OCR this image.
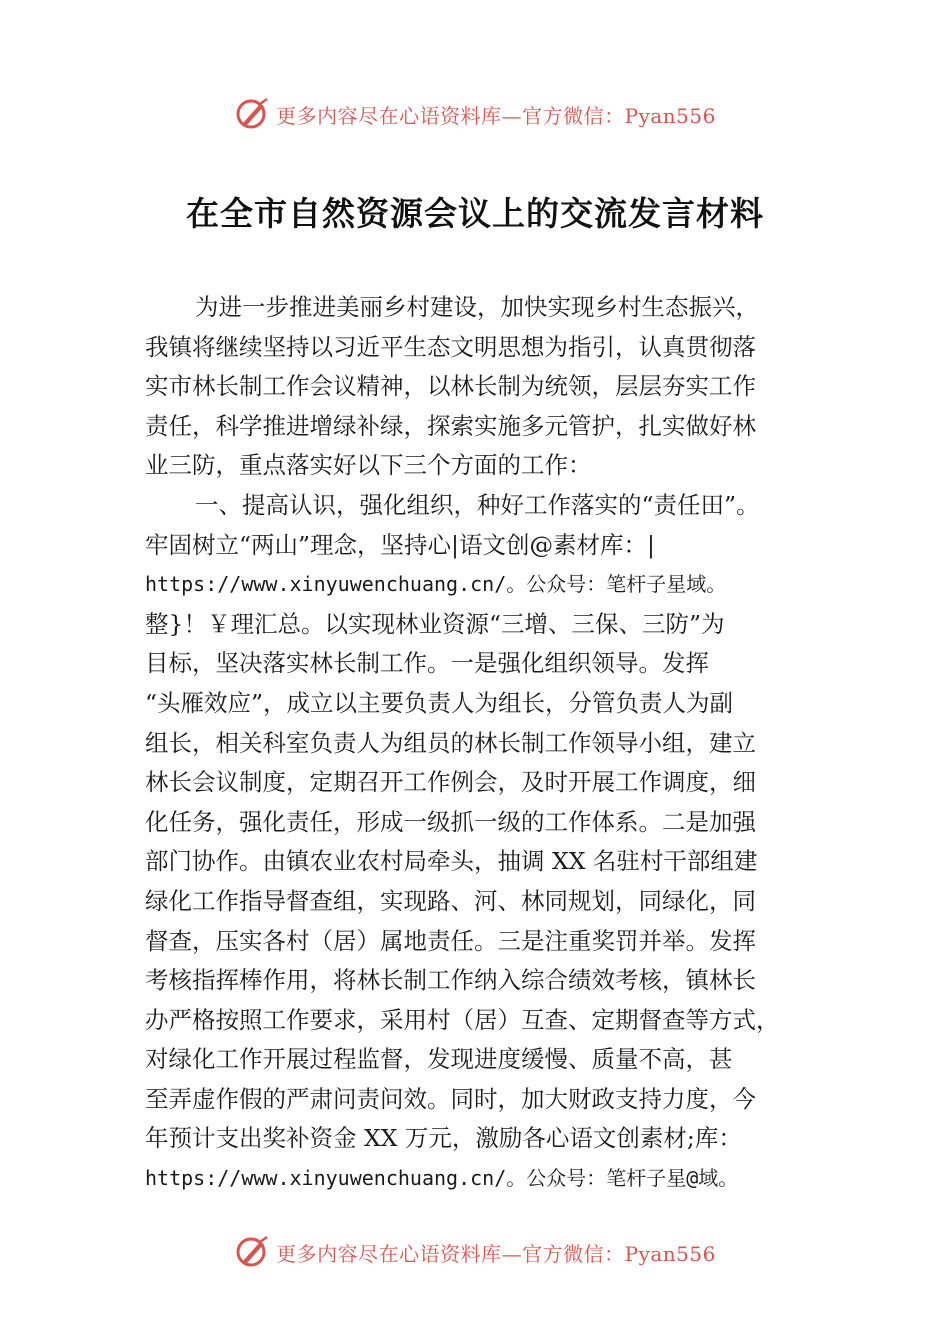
更多内容尽在心语资料库—官方微信：Pyan556
在全市自然资源会议上的交流发言材料
为进一步推进美丽乡村建设，加快实现乡村生态振兴，
我镇将继续坚持以习近平生态文明思想为指引，认真贯彻落
实市林长制工作会议精神，以林长制为统领，层层夯实工作
责任，科学推进增绿补绿，探索实施多元管护，扎实做好林
业三防，重点落实好以下三个方面的工作：
一、提高认识，强化组织，种好工作落实的“责任田”。
牢固树立“两山”理念，坚持心|语文创@素材库：|
https://www.xinyuwenchuang.cn/。公众号：笔杆子星域。
整}！￥理汇总。以实现林业资源“三增、三保、三防”为
目标，坚决落实林长制工作。一是强化组织领导。发挥
“头雁效应”，成立以主要负责人为组长，分管负责人为副
组长，相关科室负责人为组员的林长制工作领导小组，建立
林长会议制度，定期召开工作例会，及时开展工作调度，细
化任务，强化责任，形成一级抓一级的工作体系。二是加强
部门协作。由镇农业农村局牵头，抽调 XX 名驻村干部组建
绿化工作指导督查组，实现路、河、林同规划，同绿化，同
督查，压实各村（居）属地责任。三是注重奖罚并举。发挥
考核指挥棒作用，将林长制工作纳入综合绩效考核，镇林长
办严格按照工作要求，采用村（居）互查、定期督查等方式，
对绿化工作开展过程监督，发现进度缓慢、质量不高，甚
至弄虚作假的严肃问责问效。同时，加大财政支持力度，今
年预计支出奖补资金 XX 万元，激励各心语文创素材;库：
https://www.xinyuwenchuang.cn/。公众号：笔杆子星@域。
更多内容尽在心语资料库—官方微信：Pyan556
